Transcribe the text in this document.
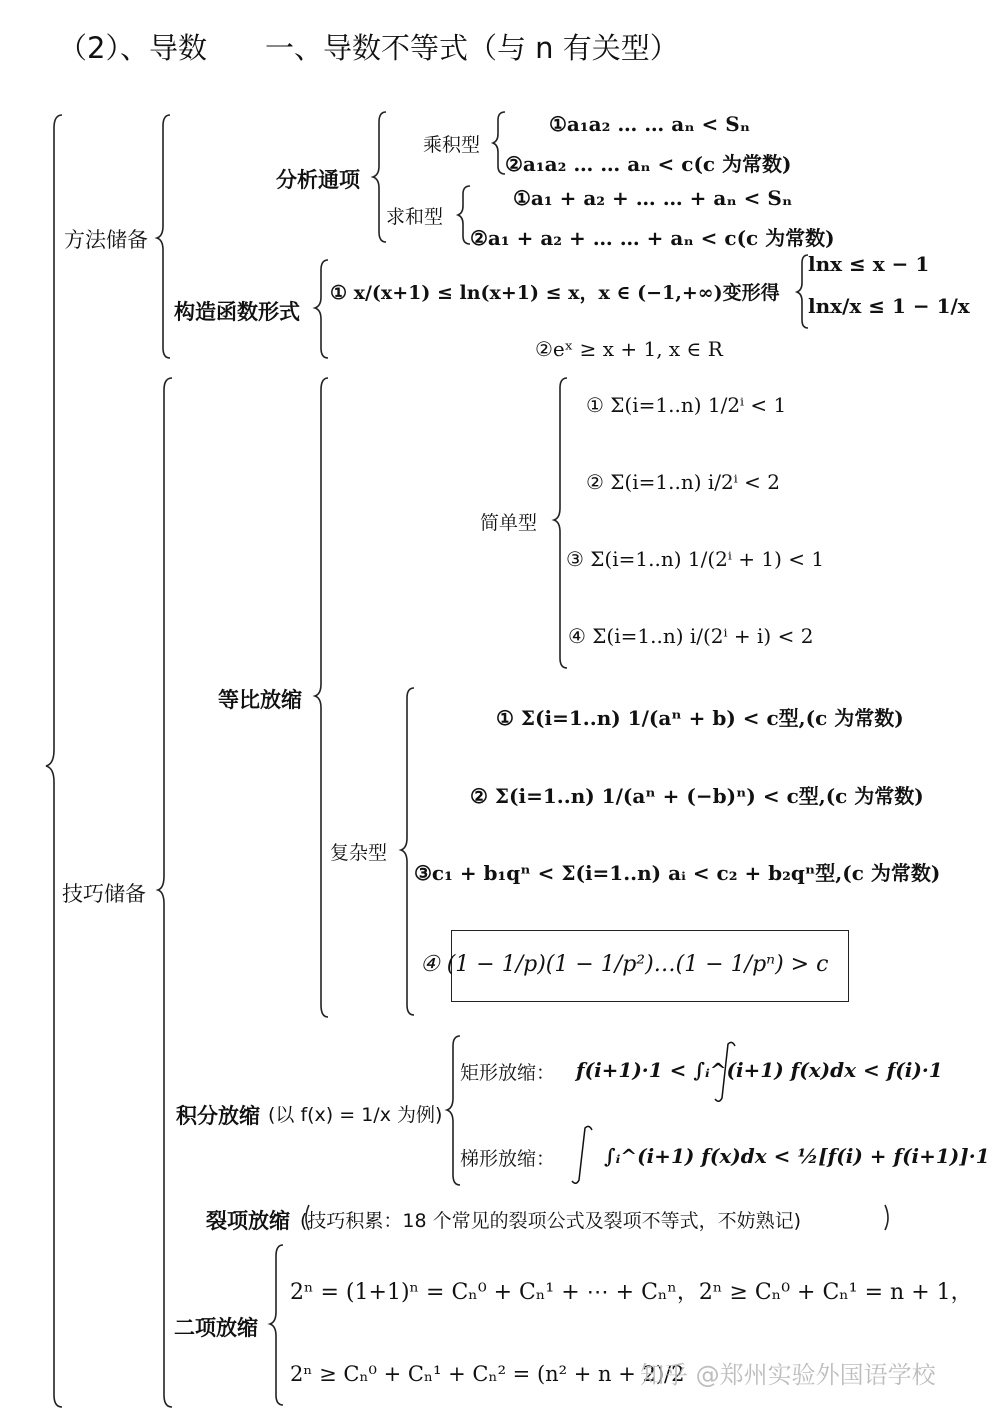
（2）、导数　　一、导数不等式（与 n 有关型）
方法储备
技巧储备
分析通项
乘积型
求和型
①a₁a₂ … … aₙ < Sₙ
②a₁a₂ … … aₙ < c(c 为常数)
①a₁ + a₂ + … … + aₙ < Sₙ
②a₁ + a₂ + … … + aₙ < c(c 为常数)
构造函数形式
① x/(x+1) ≤ ln(x+1) ≤ x，x ∈ (−1,+∞)变形得
lnx ≤ x − 1
lnx/x ≤ 1 − 1/x
②eˣ ≥ x + 1, x ∈ R
等比放缩
简单型
① Σ(i=1..n) 1/2ⁱ < 1
② Σ(i=1..n) i/2ⁱ < 2
③ Σ(i=1..n) 1/(2ⁱ + 1) < 1
④ Σ(i=1..n) i/(2ⁱ + i) < 2
复杂型
① Σ(i=1..n) 1/(aⁿ + b) < c型,(c 为常数)
② Σ(i=1..n) 1/(aⁿ + (−b)ⁿ) < c型,(c 为常数)
③c₁ + b₁qⁿ < Σ(i=1..n) aᵢ < c₂ + b₂qⁿ型,(c 为常数)
④ (1 − 1/p)(1 − 1/p²)…(1 − 1/pⁿ) > c
积分放缩 (以 f(x) = 1/x 为例)
矩形放缩： f(i+1)·1 < ∫ᵢ^(i+1) f(x)dx < f(i)·1
梯形放缩： ∫ᵢ^(i+1) f(x)dx < ½[f(i) + f(i+1)]·1
裂项放缩 (技巧积累：18 个常见的裂项公式及裂项不等式，不妨熟记)
二项放缩
2ⁿ = (1+1)ⁿ = Cₙ⁰ + Cₙ¹ + ⋯ + Cₙⁿ，2ⁿ ≥ Cₙ⁰ + Cₙ¹ = n + 1，
2ⁿ ≥ Cₙ⁰ + Cₙ¹ + Cₙ² = (n² + n + 2)/2
知乎 @郑州实验外国语学校
